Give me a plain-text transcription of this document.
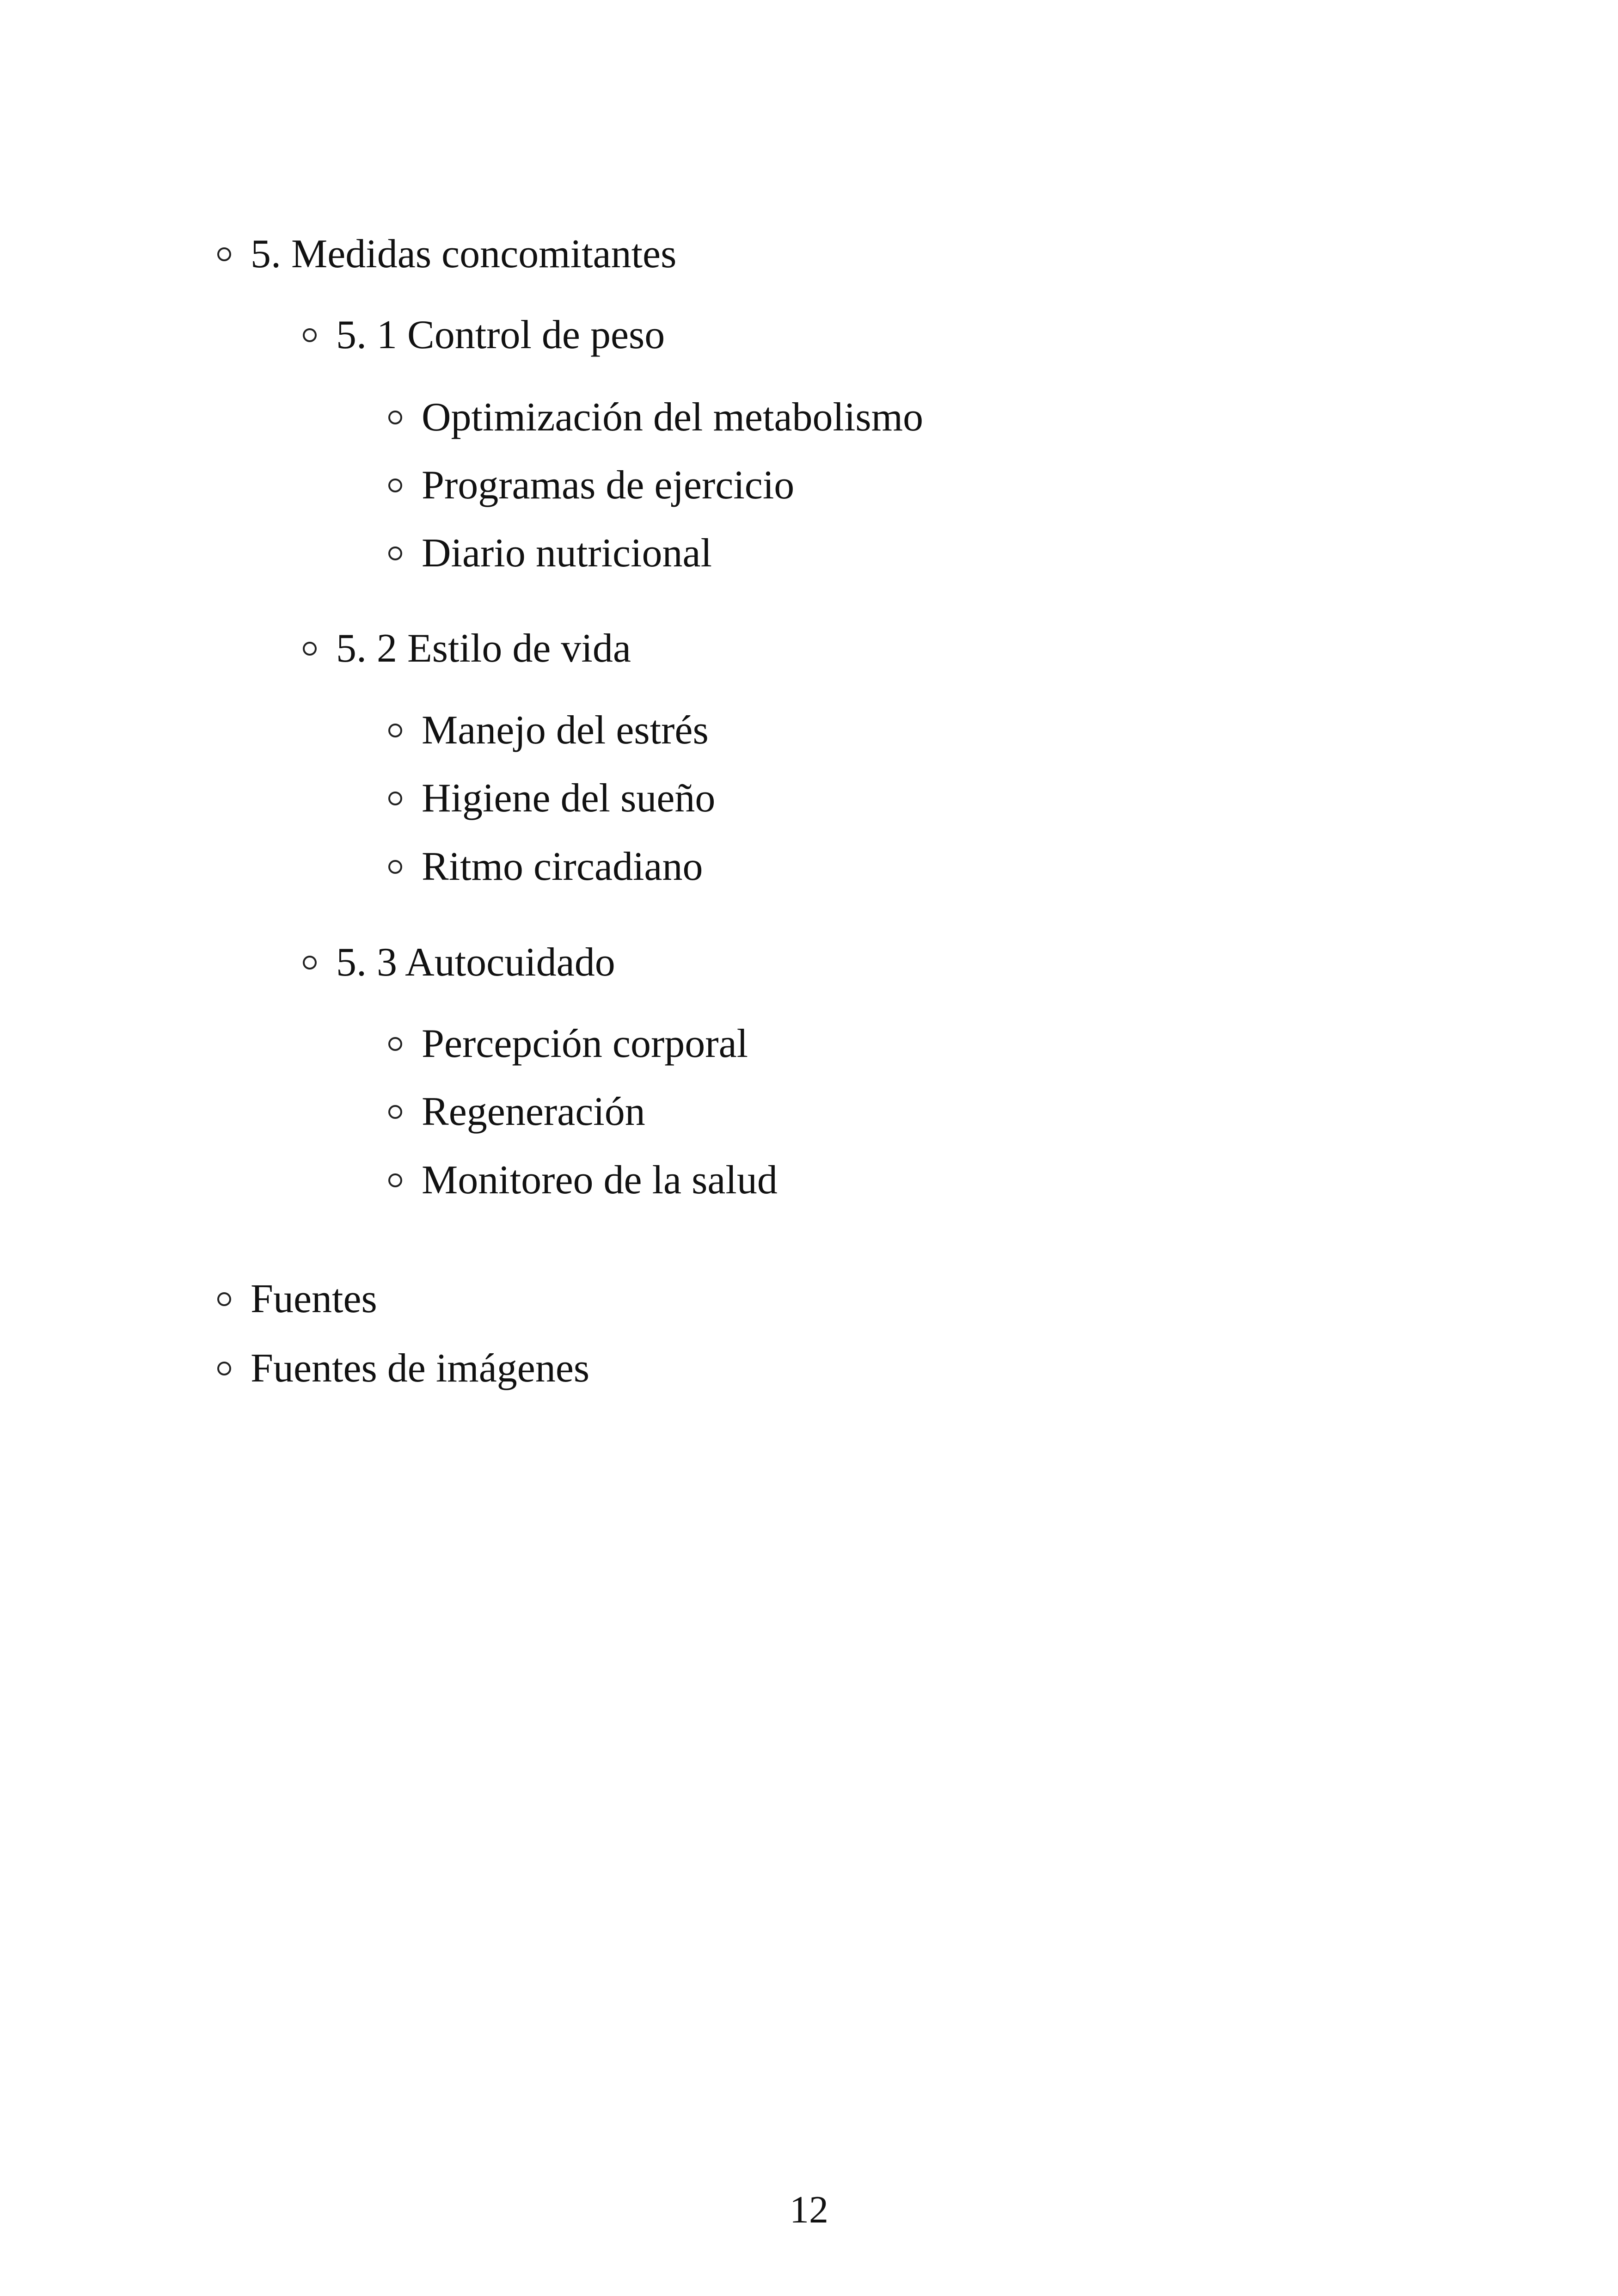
5. Medidas concomitantes
5. 1 Control de peso
Optimización del metabolismo
Programas de ejercicio
Diario nutricional
5. 2 Estilo de vida
Manejo del estrés
Higiene del sueño
Ritmo circadiano
5. 3 Autocuidado
Percepción corporal
Regeneración
Monitoreo de la salud
Fuentes
Fuentes de imágenes
12
